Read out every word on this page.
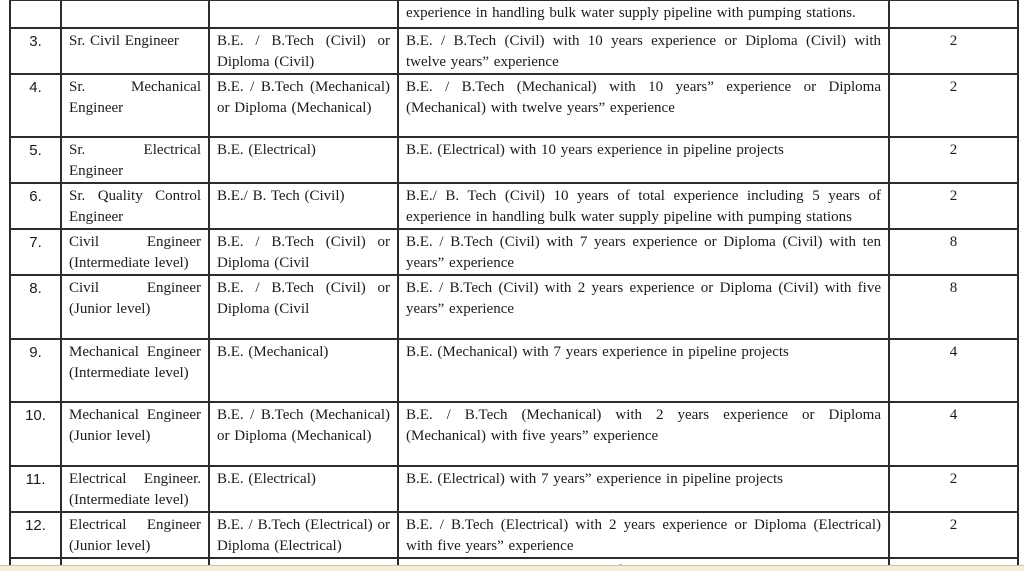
			experience in handling bulk water supply pipeline with pumping stations.	
3.	Sr. Civil Engineer	B.E. / B.Tech (Civil) or Diploma (Civil)	B.E. / B.Tech (Civil) with 10 years experience or Diploma (Civil) with twelve years” experience	2
4.	Sr. Mechanical Engineer	B.E. / B.Tech (Mechanical) or Diploma (Mechanical)	B.E. / B.Tech (Mechanical) with 10 years” experience or Diploma (Mechanical) with twelve years” experience	2
5.	Sr. Electrical Engineer	B.E. (Electrical)	B.E. (Electrical) with 10 years experience in pipeline projects	2
6.	Sr. Quality Control Engineer	B.E./ B. Tech (Civil)	B.E./ B. Tech (Civil) 10 years of total experience including 5 years of experience in handling bulk water supply pipeline with pumping stations	2
7.	Civil Engineer (Intermediate level)	B.E. / B.Tech (Civil) or Diploma (Civil	B.E. / B.Tech (Civil) with 7 years experience or Diploma (Civil) with ten years” experience	8
8.	Civil Engineer (Junior level)	B.E. / B.Tech (Civil) or Diploma (Civil	B.E. / B.Tech (Civil) with 2 years experience or Diploma (Civil) with five years” experience	8
9.	Mechanical Engineer (Intermediate level)	B.E. (Mechanical)	B.E. (Mechanical) with 7 years experience in pipeline projects	4
10.	Mechanical Engineer (Junior level)	B.E. / B.Tech (Mechanical) or Diploma (Mechanical)	B.E. / B.Tech (Mechanical) with 2 years experience or Diploma (Mechanical) with five years” experience	4
11.	Electrical Engineer. (Intermediate level)	B.E. (Electrical)	B.E. (Electrical) with 7 years” experience in pipeline projects	2
12.	Electrical Engineer (Junior level)	B.E. / B.Tech (Electrical) or Diploma (Electrical)	B.E. / B.Tech (Electrical) with 2 years experience or Diploma (Electrical) with five years” experience	2
